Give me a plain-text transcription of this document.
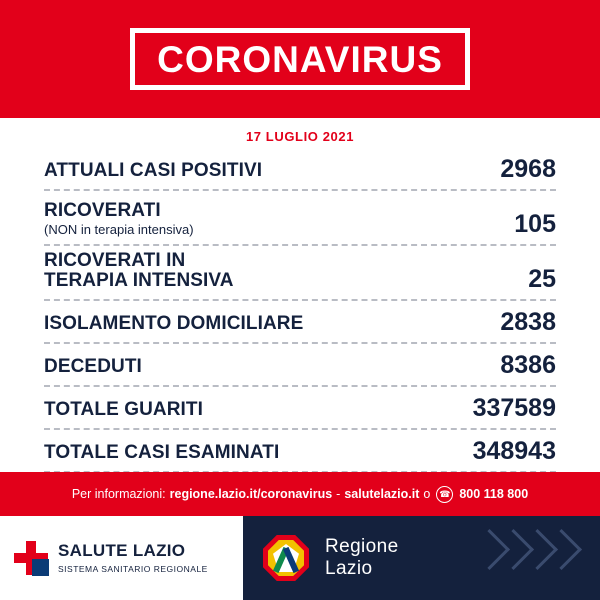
CORONAVIRUS
17 LUGLIO 2021
ATTUALI CASI POSITIVI	2968
RICOVERATI
(NON in terapia intensiva)	105
RICOVERATI IN
TERAPIA INTENSIVA	25
ISOLAMENTO DOMICILIARE	2838
DECEDUTI	8386
TOTALE GUARITI	337589
TOTALE CASI ESAMINATI	348943
Per informazioni: regione.lazio.it/coronavirus - salutelazio.it o ☎ 800 118 800
SALUTE LAZIO
SISTEMA SANITARIO REGIONALE
Regione
Lazio
